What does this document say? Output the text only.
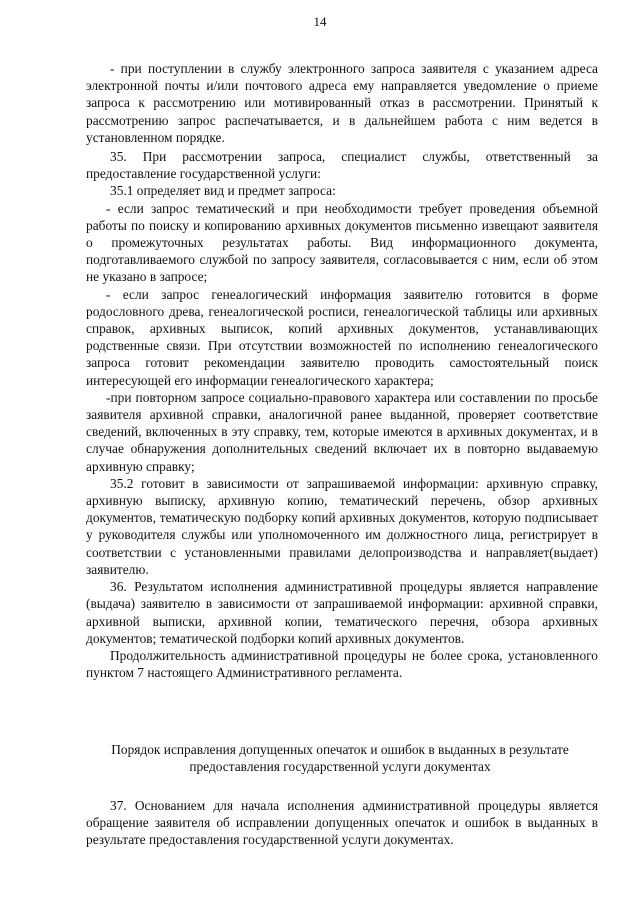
14

- при поступлении в службу электронного запроса заявителя с указанием адреса электронной почты и/или почтового адреса ему направляется уведомление о приеме запроса к рассмотрению или мотивированный отказ в рассмотрении. Принятый к рассмотрению запрос распечатывается, и в дальнейшем работа с ним ведется в установленном порядке.

35. При рассмотрении запроса, специалист службы, ответственный за предоставление государственной услуги:

35.1 определяет вид и предмет запроса:

- если запрос тематический и при необходимости требует проведения объемной работы по поиску и копированию архивных документов письменно извещают заявителя о промежуточных результатах работы. Вид информационного документа, подготавливаемого службой по запросу заявителя, согласовывается с ним, если об этом не указано в запросе;

- если запрос генеалогический информация заявителю готовится в форме родословного древа, генеалогической росписи, генеалогической таблицы или архивных справок, архивных выписок, копий архивных документов, устанавливающих родственные связи. При отсутствии возможностей по исполнению генеалогического запроса готовит рекомендации заявителю проводить самостоятельный поиск интересующей его информации генеалогического характера;

-при повторном запросе социально-правового характера или составлении по просьбе заявителя архивной справки, аналогичной ранее выданной, проверяет соответствие сведений, включенных в эту справку, тем, которые имеются в архивных документах, и в случае обнаружения дополнительных сведений включает их в повторно выдаваемую архивную справку;

35.2 готовит в зависимости от запрашиваемой информации: архивную справку, архивную выписку, архивную копию, тематический перечень, обзор архивных документов, тематическую подборку копий архивных документов, которую подписывает у руководителя службы или уполномоченного им должностного лица, регистрирует в соответствии с установленными правилами делопроизводства и направляет(выдает) заявителю.

36. Результатом исполнения административной процедуры является направление (выдача) заявителю в зависимости от запрашиваемой информации: архивной справки, архивной выписки, архивной копии, тематического перечня, обзора архивных документов; тематической подборки копий архивных документов.

Продолжительность административной процедуры не более срока, установленного пунктом 7 настоящего Административного регламента.

Порядок исправления допущенных опечаток и ошибок в выданных в результате предоставления государственной услуги документах

37. Основанием для начала исполнения административной процедуры является обращение заявителя об исправлении допущенных опечаток и ошибок в выданных в результате предоставления государственной услуги документах.
